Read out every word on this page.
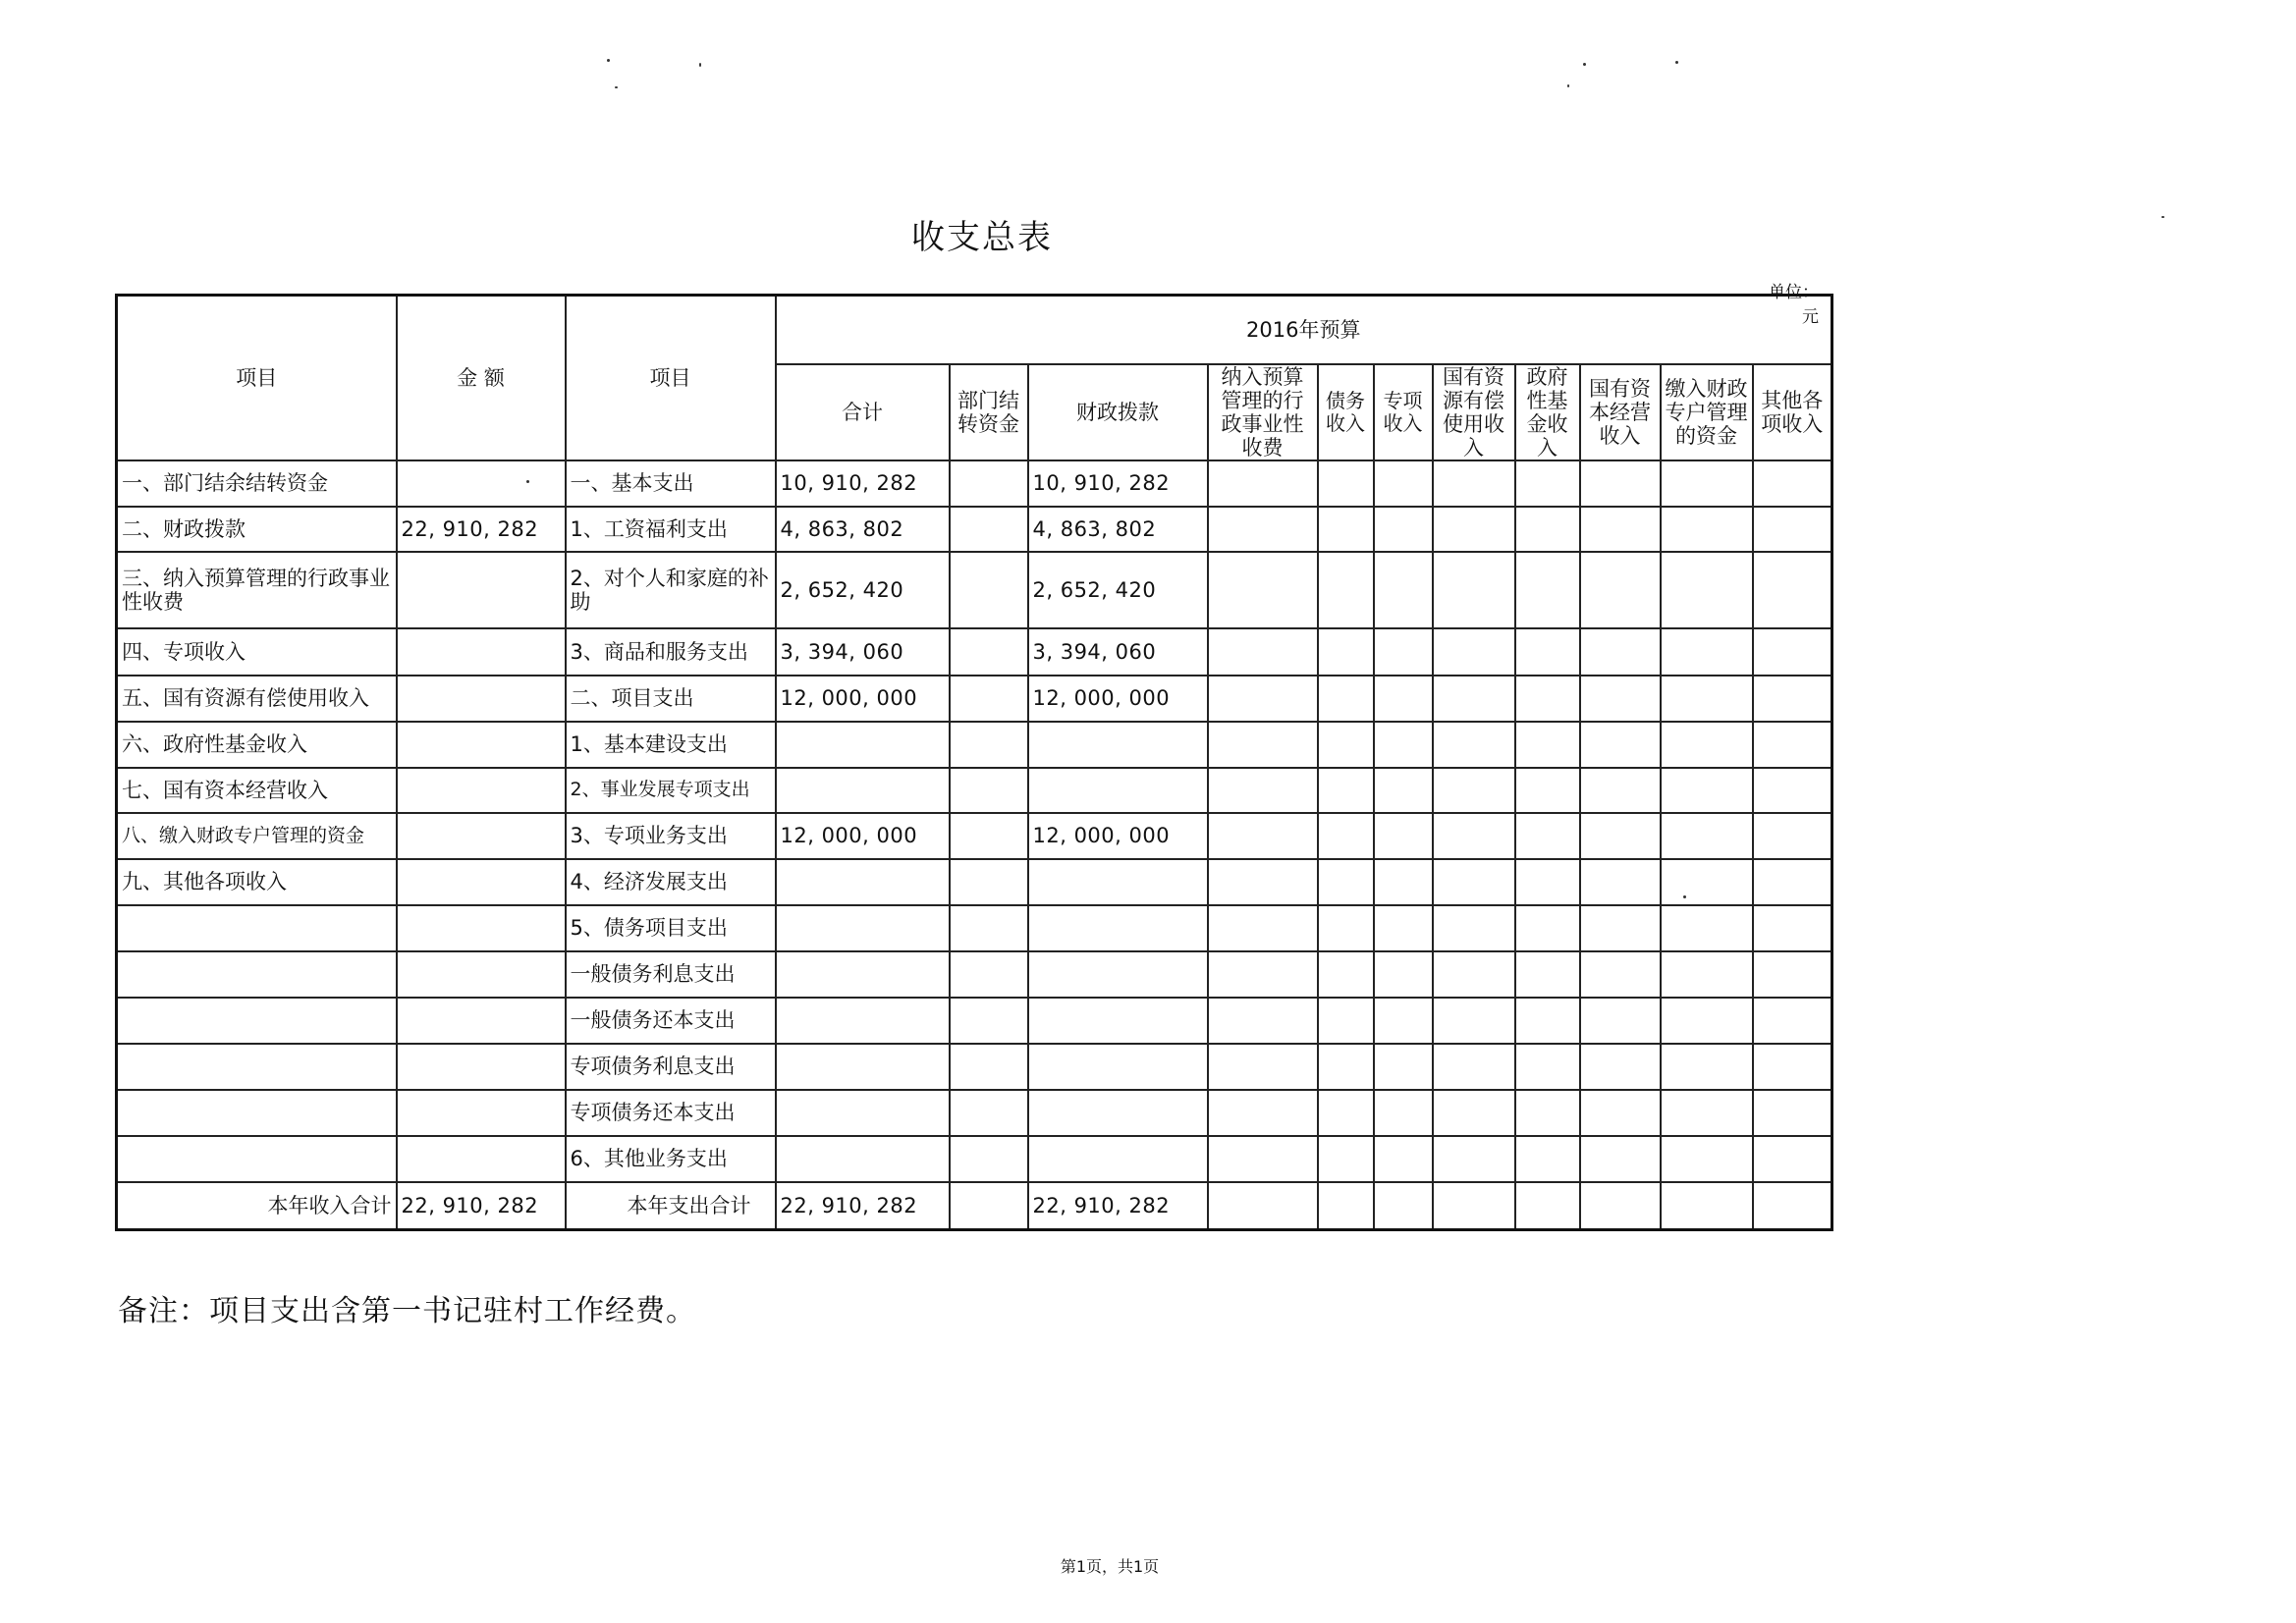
收支总表
单位：元
项目	金 额	项目	2016年预算										
			合计	部门结转资金	财政拨款	纳入预算管理的行政事业性收费	债务收入	专项收入	国有资源有偿使用收入	政府性基金收入	国有资本经营收入	缴入财政专户管理的资金	其他各项收入
一、部门结余结转资金		一、基本支出	10, 910, 282		10, 910, 282								
二、财政拨款	22, 910, 282	1、工资福利支出	4, 863, 802		4, 863, 802								
三、纳入预算管理的行政事业性收费		2、对个人和家庭的补助	2, 652, 420		2, 652, 420								
四、专项收入		3、商品和服务支出	3, 394, 060		3, 394, 060								
五、国有资源有偿使用收入		二、项目支出	12, 000, 000		12, 000, 000								
六、政府性基金收入		1、基本建设支出											
七、国有资本经营收入		2、事业发展专项支出											
八、缴入财政专户管理的资金		3、专项业务支出	12, 000, 000		12, 000, 000								
九、其他各项收入		4、经济发展支出											
		5、债务项目支出											
		一般债务利息支出											
		一般债务还本支出											
		专项债务利息支出											
		专项债务还本支出											
		6、其他业务支出											
本年收入合计	22, 910, 282	本年支出合计	22, 910, 282		22, 910, 282								
备注：项目支出含第一书记驻村工作经费。
第1页，共1页
